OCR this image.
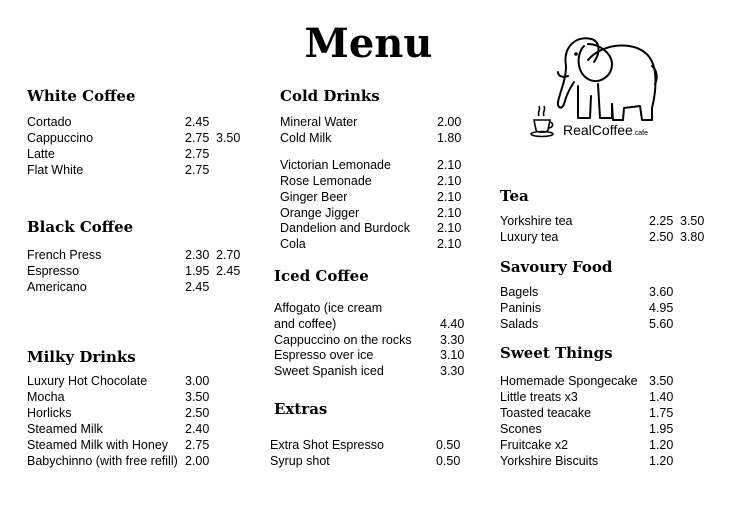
Menu
RealCoffee.cafe
White Coffee
Cortado	2.45
Cappuccino	2.75 3.50
Latte	2.75
Flat White	2.75
Black Coffee
French Press	2.30 2.70
Espresso	1.95 2.45
Americano	2.45
Milky Drinks
Luxury Hot Chocolate	3.00
Mocha	3.50
Horlicks	2.50
Steamed Milk	2.40
Steamed Milk with Honey 2.75
Babychinno (with free refill) 2.00
Cold Drinks
Mineral Water	2.00
Cold Milk	1.80
Victorian Lemonade	2.10
Rose Lemonade	2.10
Ginger Beer	2.10
Orange Jigger	2.10
Dandelion and Burdock 2.10
Cola	2.10
Iced Coffee
Affogato (ice cream
and coffee)	4.40
Cappuccino on the rocks 3.30
Espresso over ice	3.10
Sweet Spanish iced	3.30
Extras
Extra Shot Espresso	0.50
Syrup shot	0.50
Tea
Yorkshire tea	2.25 3.50
Luxury tea	2.50 3.80
Savoury Food
Bagels	3.60
Paninis	4.95
Salads	5.60
Sweet Things
Homemade Spongecake 3.50
Little treats x3	1.40
Toasted teacake	1.75
Scones	1.95
Fruitcake x2	1.20
Yorkshire Biscuits	1.20
